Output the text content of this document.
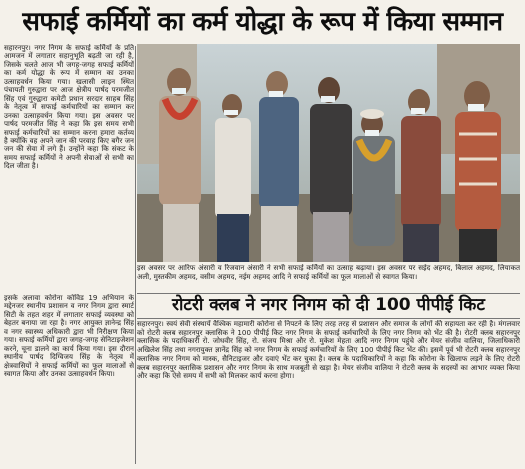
सफाई कर्मियों का कर्म योद्धा के रूप में किया सम्मान

सहारनपुर। नगर निगम के सफाई कर्मियों के प्रति आमजन में लगातार सहानुभूति बढ़ती जा रही है, जिसके चलते आज भी जगह-जगह सफाई कर्मियों का कर्म योद्धा के रूप में सम्मान का उनका उत्साहवर्धन किया गया। खलासी लाइन स्थित पंचायती गुरुद्वारा पर आज क्षेत्रीय पार्षद परमजीत सिंह एवं गुरुद्वारा कमेटी प्रधान सरदार साहब सिंह के नेतृत्व में सफाई कर्मचारियों का सम्मान कर उनका उत्साहवर्धन किया गया। इस अवसर पर पार्षद परमजीत सिंह ने कहा कि इस समय सभी सफाई कर्मचारियों का सम्मान करना हमारा कर्तव्य है क्योंकि वह अपने जान की परवाह किए बगैर जन जन की सेवा में लगे हैं। उन्होंने कहा कि संकट के समय सफाई कर्मियों ने अपनी सेवाओं से सभी का दिल जीता है।

इस अवसर पर आरिफ अंसारी व रिजवान अंसारी ने सभी सफाई कर्मियों का उत्साह बढ़ाया। इस अवसर पर सईद अहमद, बिलाल अहमद, लियाकत अली, मुस्तकीम अहमद, वसीम अहमद, नईम अहमद आदि ने सफाई कर्मियों का फूल मालाओं से स्वागत किया।

इसके अलावा कोरोना कोविड 19 अभियान के मद्देनजर स्थानीय प्रशासन व नगर निगम द्वारा स्मार्ट सिटी के तहत शहर में लगातार सफाई व्यवस्था को बेहतर बनाया जा रहा है। नगर आयुक्त ज्ञानेन्द्र सिंह व नगर स्वास्थ्य अधिकारी द्वारा भी निरीक्षण किया गया। सफाई कर्मियों द्वारा जगह-जगह सेनिटाइजेशन करने, चूना डालने का कार्य किया गया। इस दौरान स्थानीय पार्षद दिग्विजय सिंह के नेतृत्व में क्षेत्रवासियों ने सफाई कर्मियों का फूल मालाओं से स्वागत किया और उनका उत्साहवर्धन किया।

रोटरी क्लब ने नगर निगम को दी 100 पीपीई किट

सहारनपुर। स्वयं सेवी संस्थायें वैश्विक महामारी कोरोना से निपटने के लिए तरह तरह से प्रशासन और समाज के लोगों की सहायता कर रही है। मंगलवार को रोटरी क्लब सहारनपुर क्लासिक ने 100 पीपीई किट नगर निगम के सफाई कर्मचारियों के लिए नगर निगम को भेंट की है। रोटरी क्लब सहारनपुर क्लासिक के पदाधिकारी रो. जोधवीर सिंह, रो. संजय मिश्रा और रो. मुकेश मेहता आदि नगर निगम पहुंचे और मेयर संजीव वालिया, जिलाधिकारी अखिलेश सिंह तथा नगरायुक्त ज्ञानेंद्र सिंह को नगर निगम के सफाई कर्मचारियों के लिए 100 पीपीई किट भेंट की। इसमें पूर्व भी रोटरी क्लब सहारनपुर क्लासिक नगर निगम को मास्क, सैनिटाइजर और दवाएं भेंट कर चुका है। क्लब के पदाधिकारियों ने कहा कि कोरोना के खिलाफ लड़ने के लिए रोटरी क्लब सहारनपुर क्लासिक प्रशासन और नगर निगम के साथ मजबूती से खड़ा है। मेयर संजीव वालिया ने रोटरी क्लब के सदस्यों का आभार व्यक्त किया और कहा कि ऐसे समय में सभी को मिलकर कार्य करना होगा।
